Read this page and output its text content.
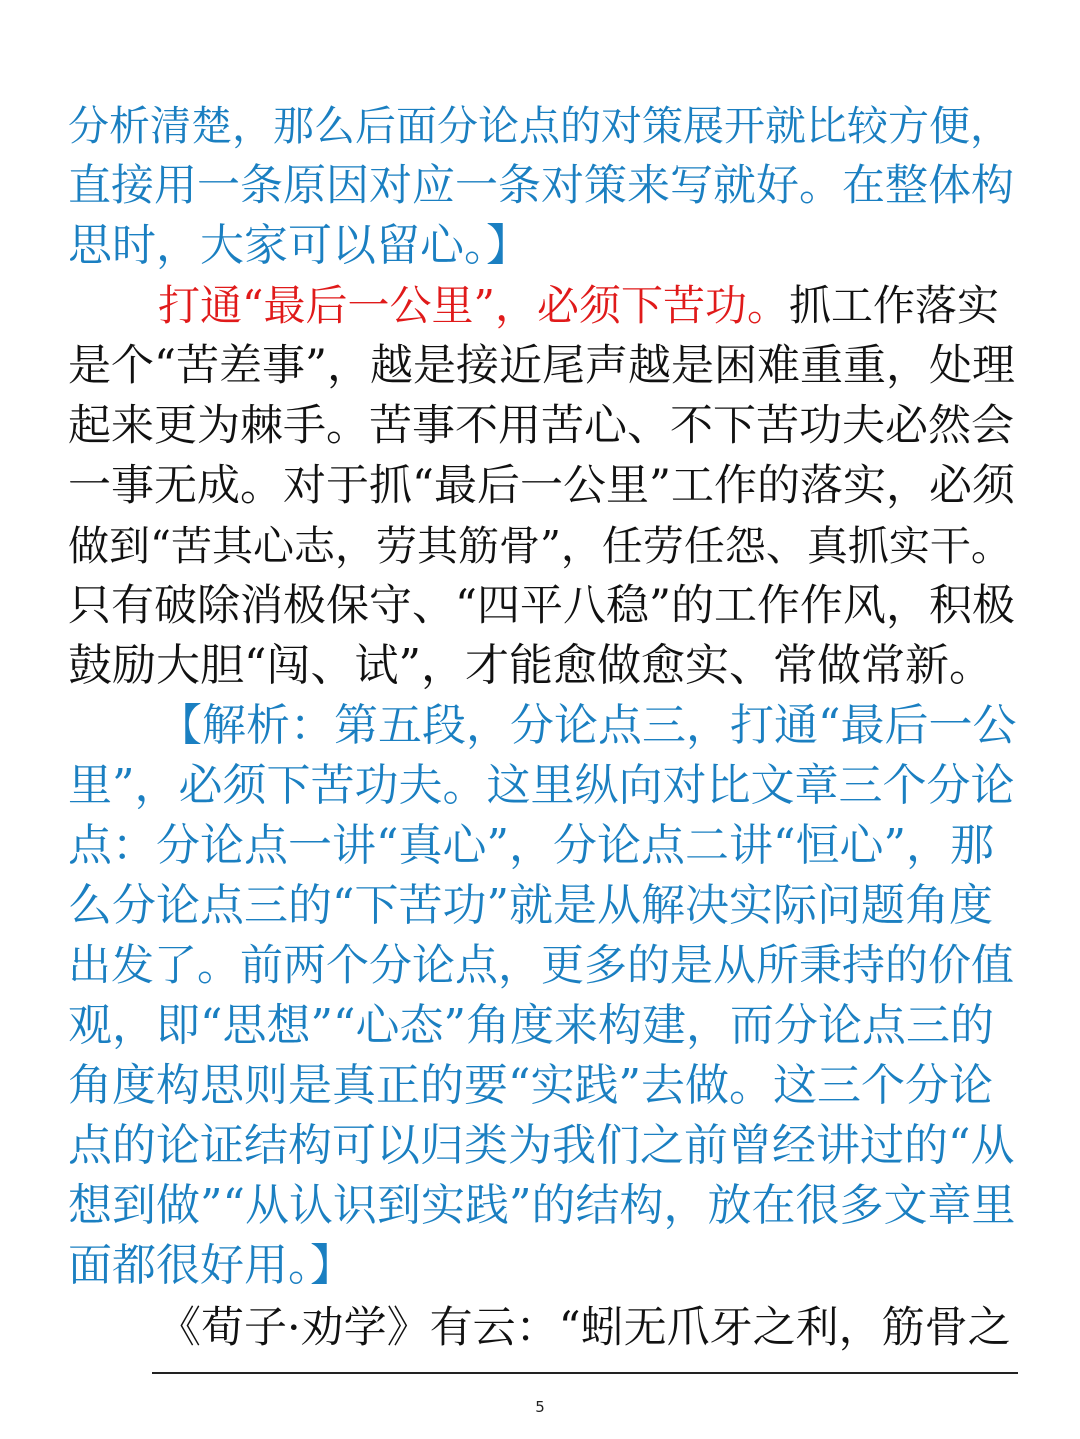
分析清楚，那么后面分论点的对策展开就比较方便，
直接用一条原因对应一条对策来写就好。在整体构
思时，大家可以留心。】
打通“最后一公里”，必须下苦功。抓工作落实
是个“苦差事”，越是接近尾声越是困难重重，处理
起来更为棘手。苦事不用苦心、不下苦功夫必然会
一事无成。对于抓“最后一公里”工作的落实，必须
做到“苦其心志，劳其筋骨”，任劳任怨、真抓实干。
只有破除消极保守、“四平八稳”的工作作风，积极
鼓励大胆“闯、试”，才能愈做愈实、常做常新。
【解析：第五段，分论点三，打通“最后一公
里”，必须下苦功夫。这里纵向对比文章三个分论
点：分论点一讲“真心”，分论点二讲“恒心”，那
么分论点三的“下苦功”就是从解决实际问题角度
出发了。前两个分论点，更多的是从所秉持的价值
观，即“思想”“心态”角度来构建，而分论点三的
角度构思则是真正的要“实践”去做。这三个分论
点的论证结构可以归类为我们之前曾经讲过的“从
想到做”“从认识到实践”的结构，放在很多文章里
面都很好用。】
《荀子·劝学》有云：“蚓无爪牙之利，筋骨之
5
